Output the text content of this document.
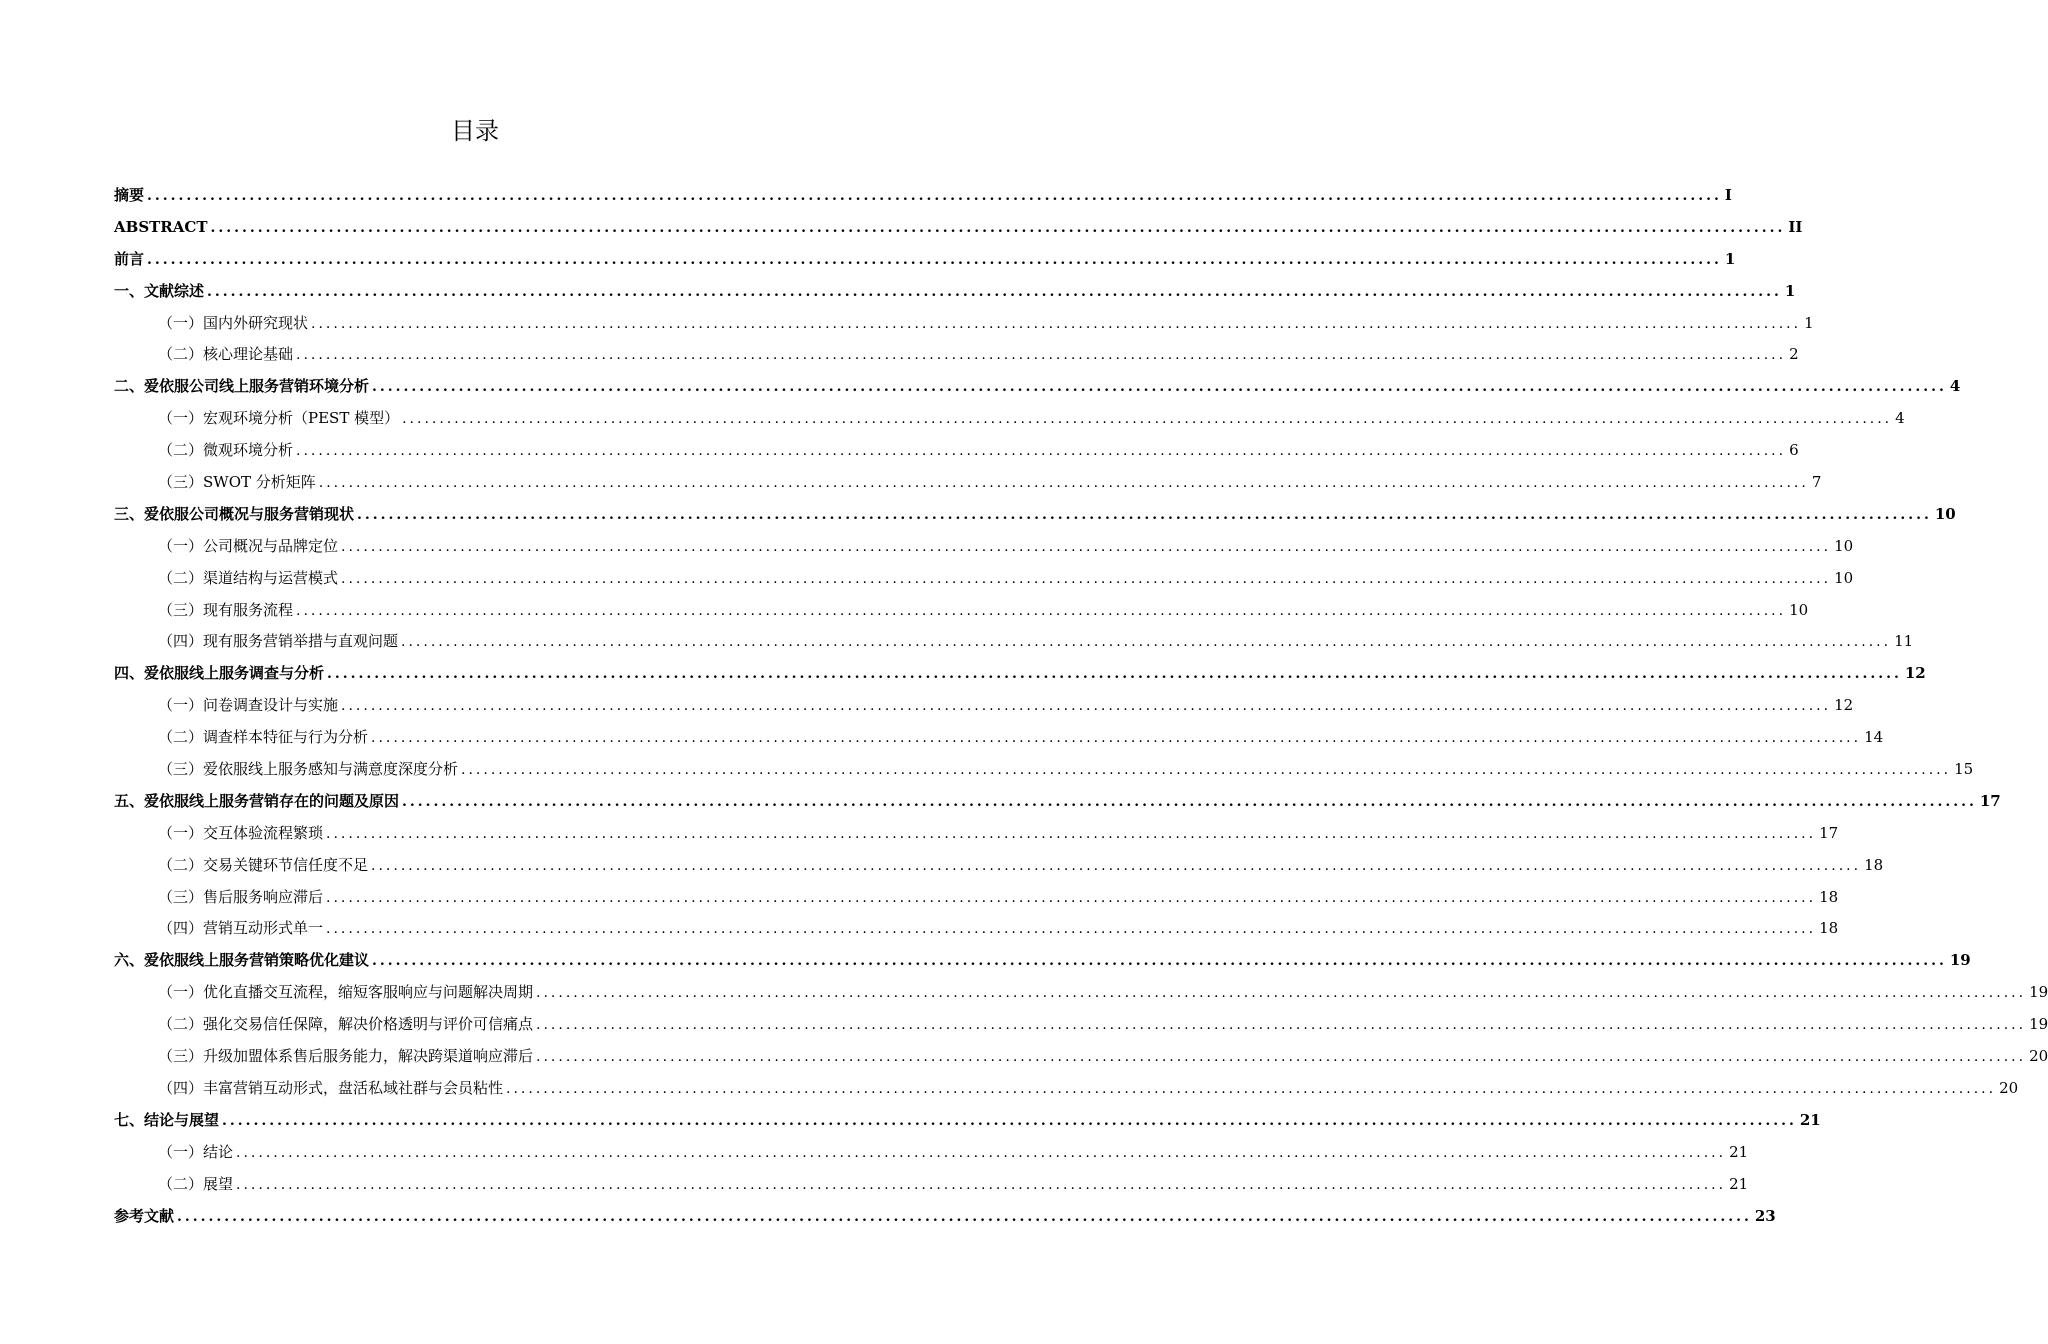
目录
摘要 ........................................................................................................................................................................................................ I
ABSTRACT ........................................................................................................................................................................................................ II
前言 ........................................................................................................................................................................................................ 1
一、文献综述 ........................................................................................................................................................................................................ 1
（一）国内外研究现状 ........................................................................................................................................................................................................ 1
（二）核心理论基础 ........................................................................................................................................................................................................ 2
二、爱依服公司线上服务营销环境分析 ........................................................................................................................................................................................................ 4
（一）宏观环境分析（PEST 模型） ........................................................................................................................................................................................................ 4
（二）微观环境分析 ........................................................................................................................................................................................................ 6
（三）SWOT 分析矩阵 ........................................................................................................................................................................................................ 7
三、爱依服公司概况与服务营销现状 ........................................................................................................................................................................................................ 10
（一）公司概况与品牌定位 ........................................................................................................................................................................................................ 10
（二）渠道结构与运营模式 ........................................................................................................................................................................................................ 10
（三）现有服务流程 ........................................................................................................................................................................................................ 10
（四）现有服务营销举措与直观问题 ........................................................................................................................................................................................................ 11
四、爱依服线上服务调查与分析 ........................................................................................................................................................................................................ 12
（一）问卷调查设计与实施 ........................................................................................................................................................................................................ 12
（二）调查样本特征与行为分析 ........................................................................................................................................................................................................ 14
（三）爱依服线上服务感知与满意度深度分析 ........................................................................................................................................................................................................ 15
五、爱依服线上服务营销存在的问题及原因 ........................................................................................................................................................................................................ 17
（一）交互体验流程繁琐 ........................................................................................................................................................................................................ 17
（二）交易关键环节信任度不足 ........................................................................................................................................................................................................ 18
（三）售后服务响应滞后 ........................................................................................................................................................................................................ 18
（四）营销互动形式单一 ........................................................................................................................................................................................................ 18
六、爱依服线上服务营销策略优化建议 ........................................................................................................................................................................................................ 19
（一）优化直播交互流程，缩短客服响应与问题解决周期 ........................................................................................................................................................................................................ 19
（二）强化交易信任保障，解决价格透明与评价可信痛点 ........................................................................................................................................................................................................ 19
（三）升级加盟体系售后服务能力，解决跨渠道响应滞后 ........................................................................................................................................................................................................ 20
（四）丰富营销互动形式，盘活私域社群与会员粘性 ........................................................................................................................................................................................................ 20
七、结论与展望 ........................................................................................................................................................................................................ 21
（一）结论 ........................................................................................................................................................................................................ 21
（二）展望 ........................................................................................................................................................................................................ 21
参考文献 ........................................................................................................................................................................................................ 23
